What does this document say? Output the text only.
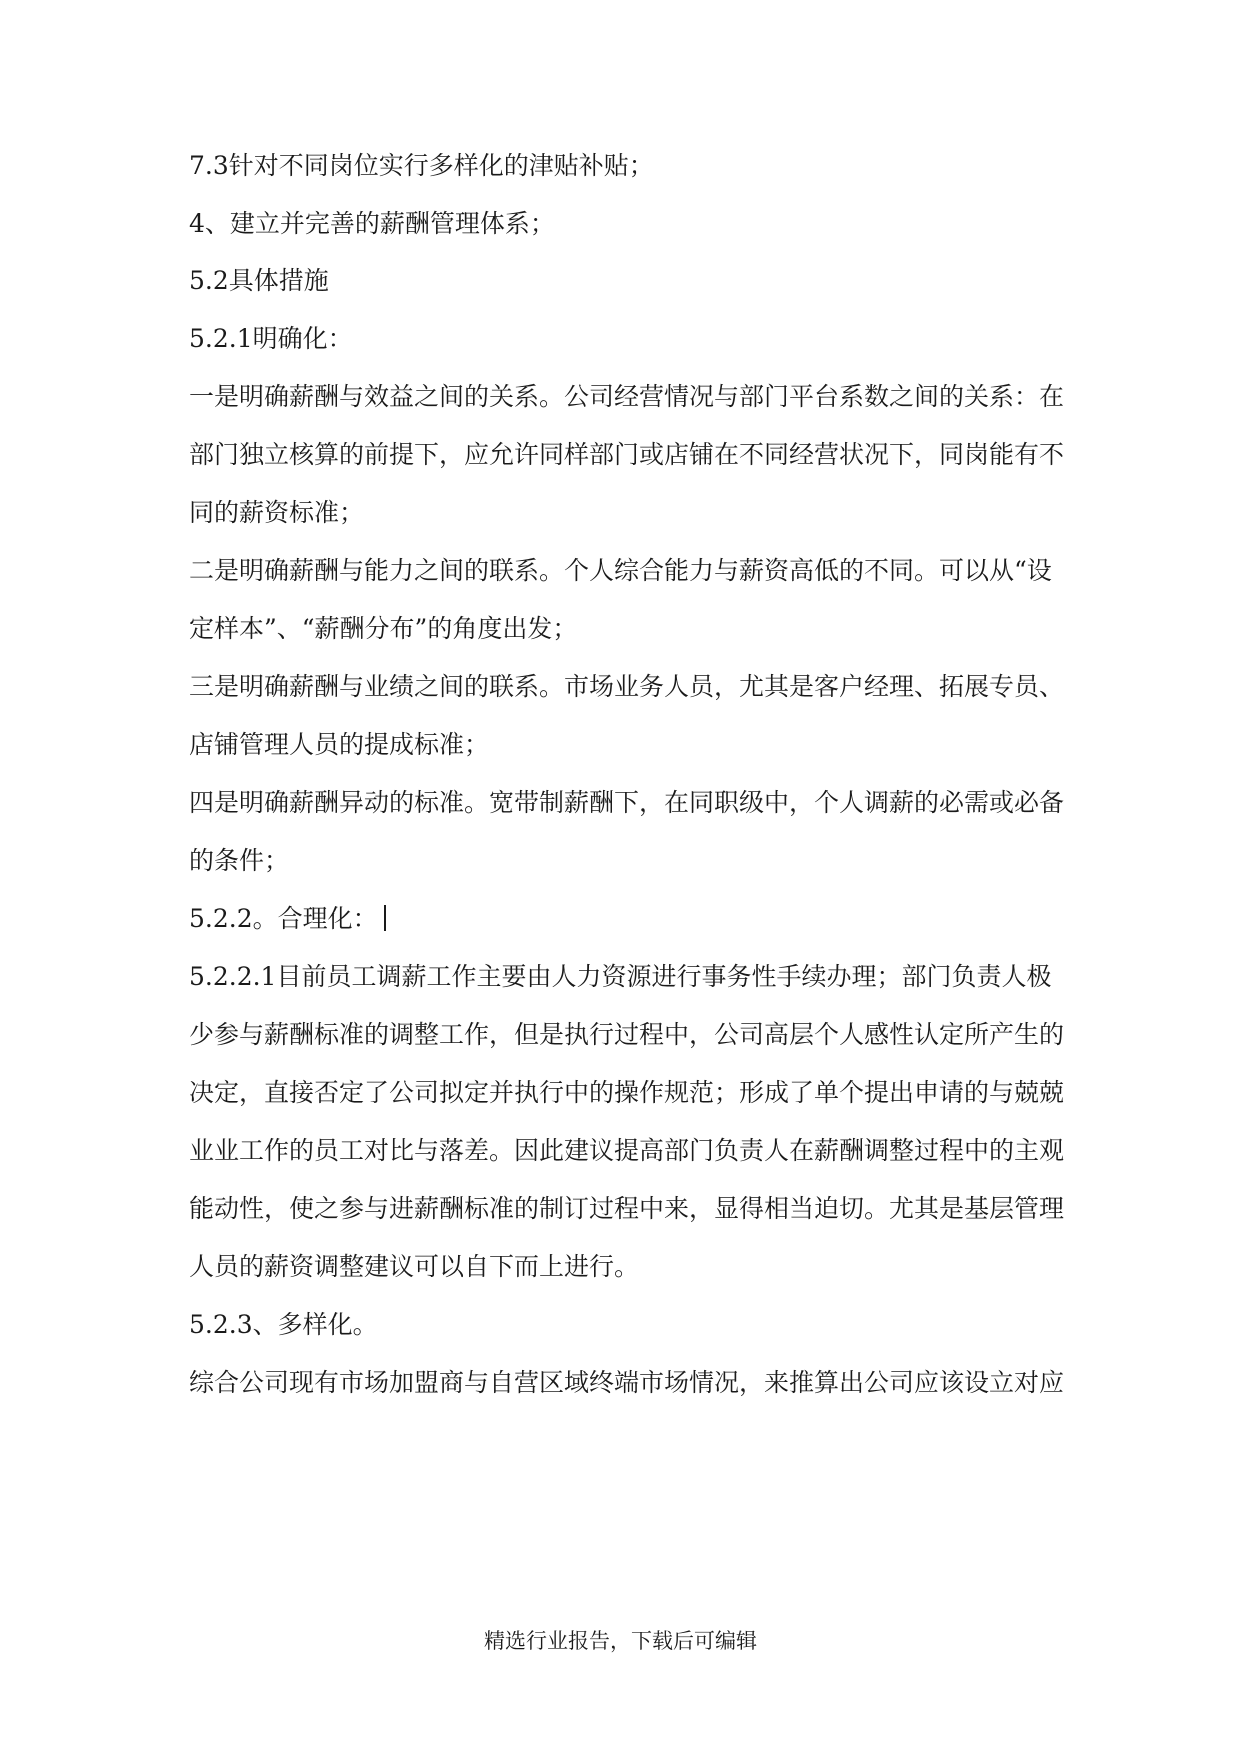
7.3针对不同岗位实行多样化的津贴补贴；
4、建立并完善的薪酬管理体系；
5.2具体措施
5.2.1明确化：
一是明确薪酬与效益之间的关系。公司经营情况与部门平台系数之间的关系：在
部门独立核算的前提下，应允许同样部门或店铺在不同经营状况下，同岗能有不
同的薪资标准；
二是明确薪酬与能力之间的联系。个人综合能力与薪资高低的不同。可以从“设
定样本”、“薪酬分布”的角度出发；
三是明确薪酬与业绩之间的联系。市场业务人员，尤其是客户经理、拓展专员、
店铺管理人员的提成标准；
四是明确薪酬异动的标准。宽带制薪酬下，在同职级中，个人调薪的必需或必备
的条件；
5.2.2。合理化：
5.2.2.1目前员工调薪工作主要由人力资源进行事务性手续办理；部门负责人极
少参与薪酬标准的调整工作，但是执行过程中，公司高层个人感性认定所产生的
决定，直接否定了公司拟定并执行中的操作规范；形成了单个提出申请的与兢兢
业业工作的员工对比与落差。因此建议提高部门负责人在薪酬调整过程中的主观
能动性，使之参与进薪酬标准的制订过程中来，显得相当迫切。尤其是基层管理
人员的薪资调整建议可以自下而上进行。
5.2.3、多样化。
综合公司现有市场加盟商与自营区域终端市场情况，来推算出公司应该设立对应
精选行业报告，下载后可编辑
